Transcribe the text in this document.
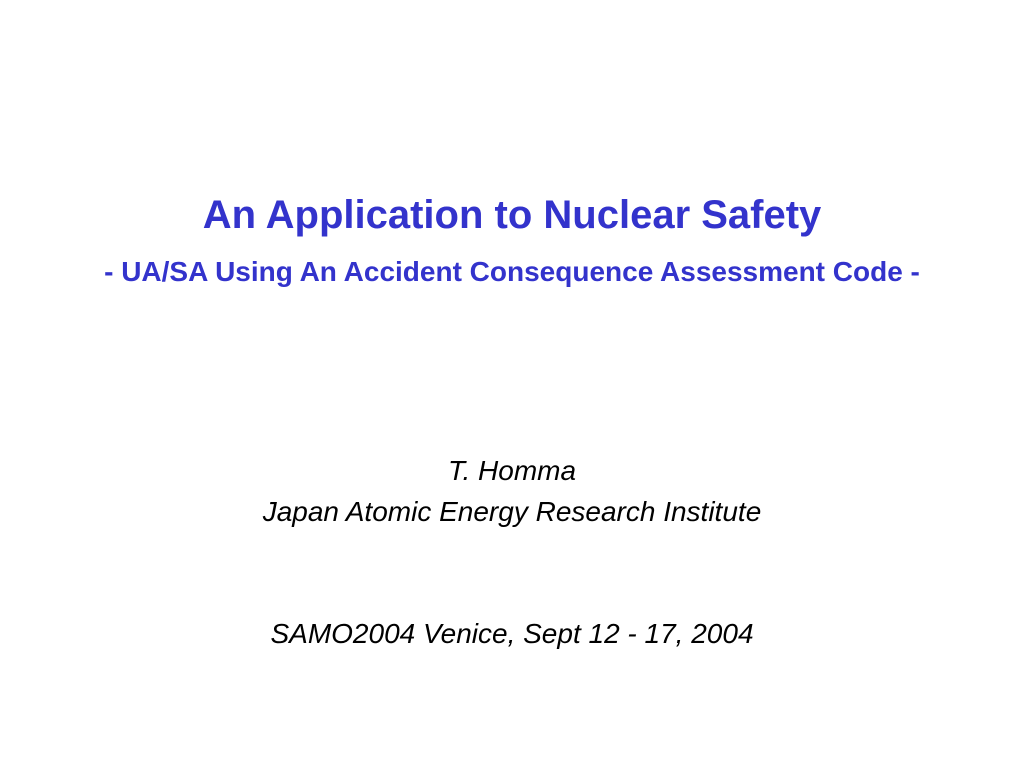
An Application to Nuclear Safety
- UA/SA Using An Accident Consequence Assessment Code -
T. Homma
Japan Atomic Energy Research Institute
SAMO2004 Venice, Sept 12 - 17, 2004
